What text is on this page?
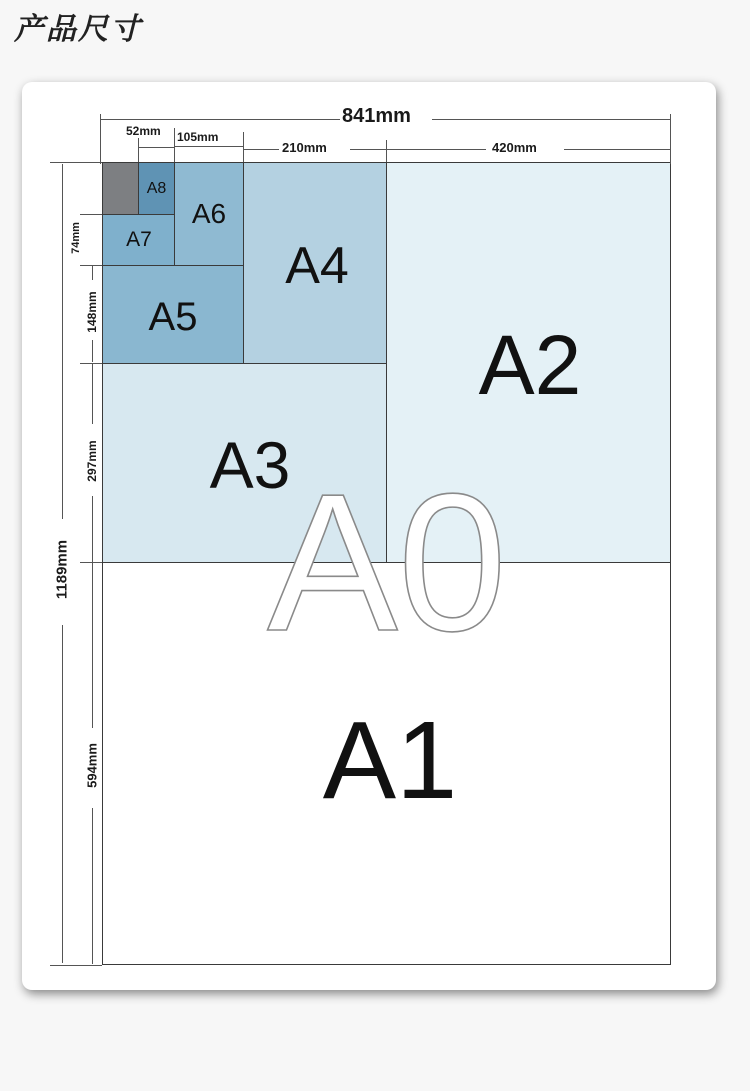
产品尺寸
A0
A1
A2
A3
A4
A5
A6
A7
A8
841mm
52mm 105mm
210mm	420mm
1189mm
74mm
148mm
297mm
594mm
